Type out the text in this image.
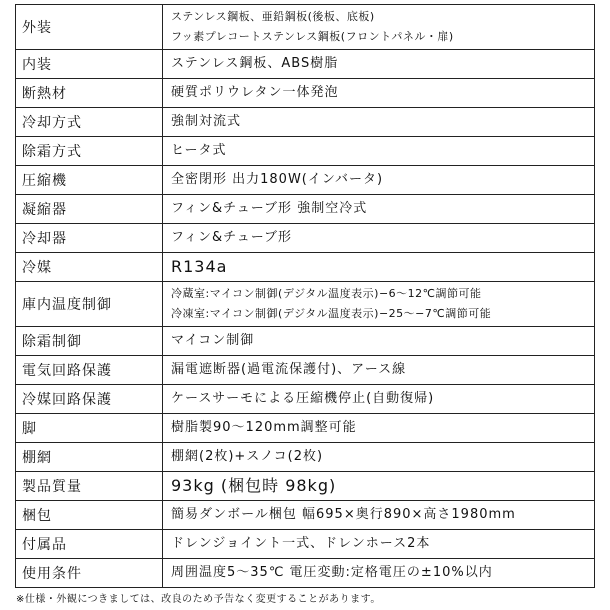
外装	ステンレス鋼板、亜鉛鋼板(後板、底板)
フッ素プレコートステンレス鋼板(フロントパネル・扉)

内装	ステンレス鋼板、ABS樹脂

断熱材	硬質ポリウレタン一体発泡

冷却方式	強制対流式

除霜方式	ヒータ式

圧縮機	全密閉形 出力180W(インバータ)

凝縮器	フィン&チューブ形 強制空冷式

冷却器	フィン&チューブ形

冷媒	R134a

庫内温度制御	冷蔵室:マイコン制御(デジタル温度表示)−6〜12℃調節可能
冷凍室:マイコン制御(デジタル温度表示)−25〜−7℃調節可能

除霜制御	マイコン制御

電気回路保護	漏電遮断器(過電流保護付)、アース線

冷媒回路保護	ケースサーモによる圧縮機停止(自動復帰)

脚	樹脂製90〜120mm調整可能

棚網	棚網(2枚)+スノコ(2枚)

製品質量	93kg (梱包時 98kg)

梱包	簡易ダンボール梱包 幅695×奥行890×高さ1980mm

付属品	ドレンジョイント一式、ドレンホース2本

使用条件	周囲温度5〜35℃ 電圧変動:定格電圧の±10%以内
※仕様・外観につきましては、改良のため予告なく変更することがあります。
